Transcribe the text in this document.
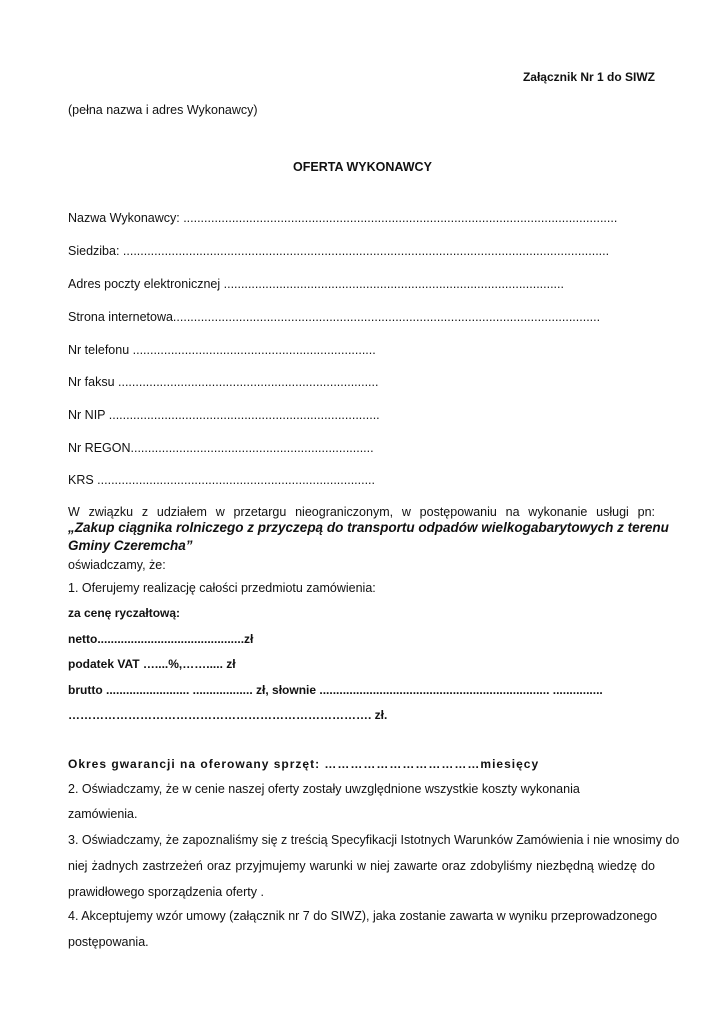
Załącznik Nr 1 do SIWZ
(pełna nazwa i adres Wykonawcy)
OFERTA WYKONAWCY
Nazwa Wykonawcy: .............................................................................................................................
Siedziba: ............................................................................................................................................
Adres poczty elektronicznej ..................................................................................................
Strona internetowa...........................................................................................................................
Nr telefonu ......................................................................
Nr faksu ...........................................................................
Nr NIP ..............................................................................
Nr REGON......................................................................
KRS ................................................................................
W związku z udziałem w przetargu nieograniczonym, w postępowaniu na wykonanie usługi pn:
„Zakup ciągnika rolniczego z przyczepą do transportu odpadów wielkogabarytowych z terenu
Gminy Czeremcha”
oświadczamy, że:
1. Oferujemy realizację całości przedmiotu zamówienia:
za cenę ryczałtową:
netto............................................zł
podatek VAT …....%,……..... zł
brutto ......................... .................. zł, słownie ..................................................................... ...............
…………………………………………………………………. zł.
Okres gwarancji na oferowany sprzęt: ………………………………miesięcy
2. Oświadczamy, że w cenie naszej oferty zostały uwzględnione wszystkie koszty wykonania
zamówienia.
3. Oświadczamy, że zapoznaliśmy się z treścią Specyfikacji Istotnych Warunków Zamówienia i nie wnosimy do
niej żadnych zastrzeżeń oraz przyjmujemy warunki w niej zawarte oraz zdobyliśmy niezbędną wiedzę do
prawidłowego sporządzenia oferty .
4. Akceptujemy wzór umowy (załącznik nr 7 do SIWZ), jaka zostanie zawarta w wyniku przeprowadzonego
postępowania.
